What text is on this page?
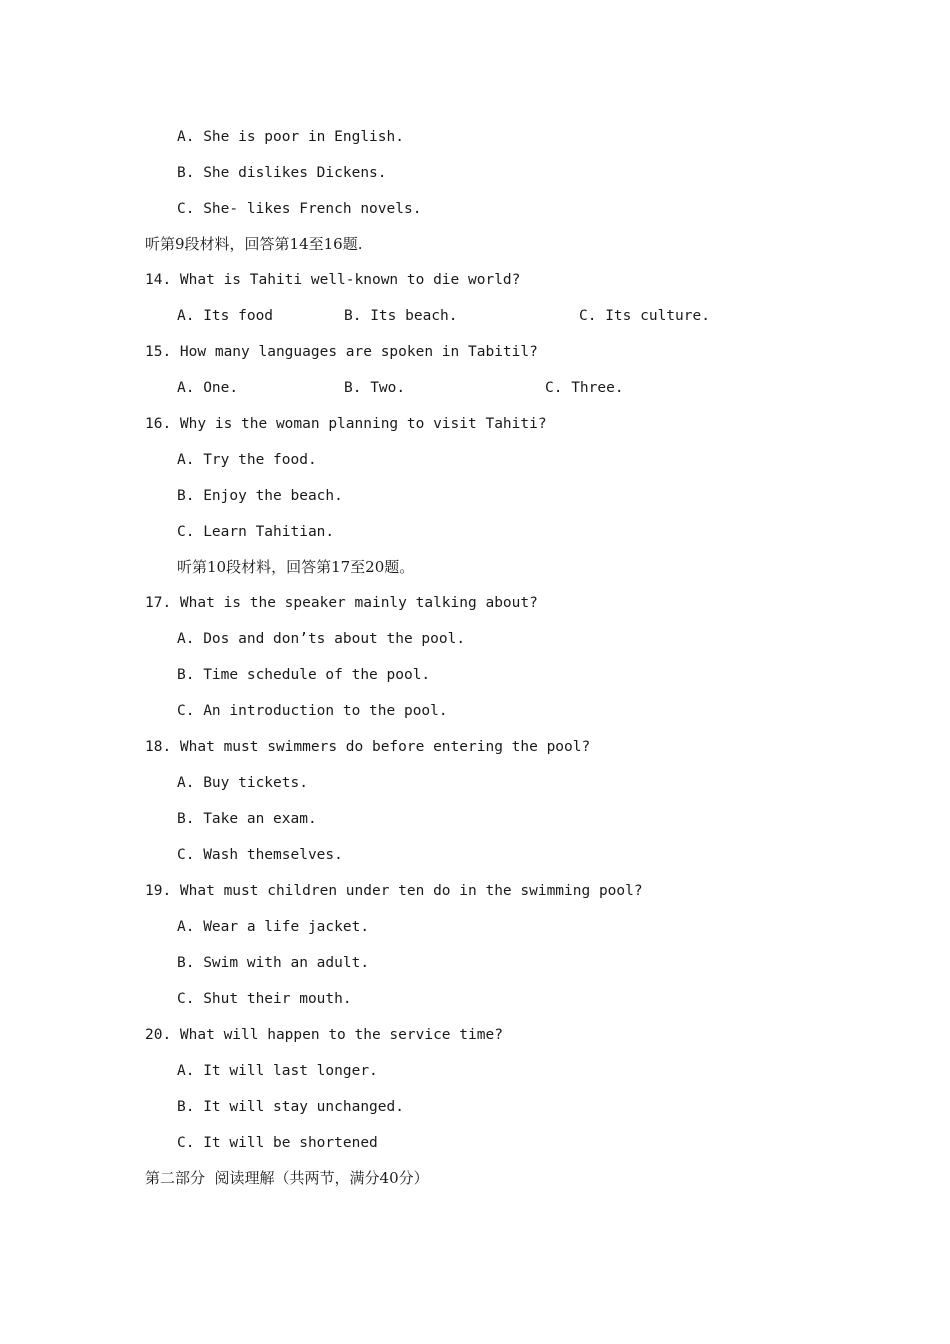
A. She is poor in English.
B. She dislikes Dickens.
C. She- likes French novels.
听第9段材料，回答第14至16题.
14. What is Tahiti well-known to die world?
A. Its food	B. Its beach.	C. Its culture.
15. How many languages are spoken in Tabitil?
A. One.	B. Two.	C. Three.
16. Why is the woman planning to visit Tahiti?
A. Try the food.
B. Enjoy the beach.
C. Learn Tahitian.
听第10段材料，回答第17至20题。
17. What is the speaker mainly talking about?
A. Dos and don’ts about the pool.
B. Time schedule of the pool.
C. An introduction to the pool.
18. What must swimmers do before entering the pool?
A. Buy tickets.
B. Take an exam.
C. Wash themselves.
19. What must children under ten do in the swimming pool?
A. Wear a life jacket.
B. Swim with an adult.
C. Shut their mouth.
20. What will happen to the service time?
A. It will last longer.
B. It will stay unchanged.
C. It will be shortened
第二部分  阅读理解（共两节，满分40分）
